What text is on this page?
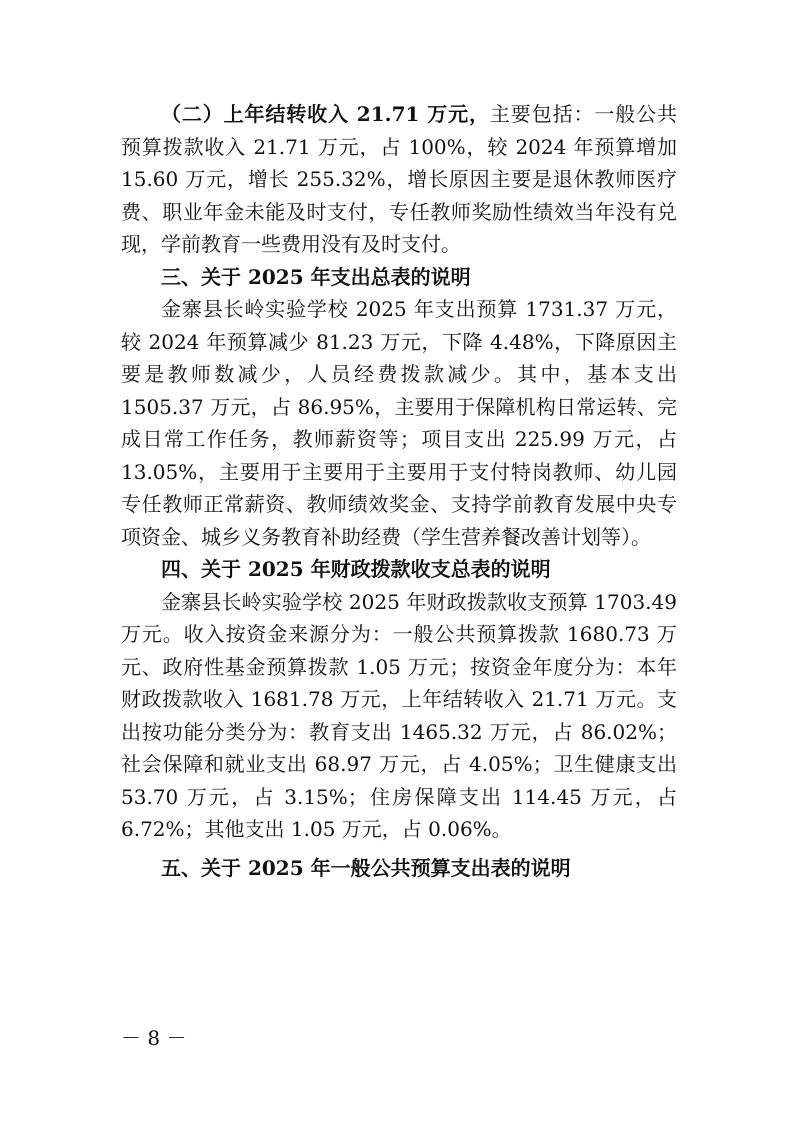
（二）上年结转收入 21.71 万元，主要包括：一般公共预算拨款收入 21.71 万元，占 100%，较 2024 年预算增加 15.60 万元，增长 255.32%，增长原因主要是退休教师医疗费、职业年金未能及时支付，专任教师奖励性绩效当年没有兑现，学前教育一些费用没有及时支付。

三、关于 2025 年支出总表的说明

金寨县长岭实验学校 2025 年支出预算 1731.37 万元，较 2024 年预算减少 81.23 万元，下降 4.48%，下降原因主要是教师数减少，人员经费拨款减少。其中，基本支出 1505.37 万元，占 86.95%，主要用于保障机构日常运转、完成日常工作任务，教师薪资等；项目支出 225.99 万元，占 13.05%，主要用于主要用于主要用于支付特岗教师、幼儿园专任教师正常薪资、教师绩效奖金、支持学前教育发展中央专项资金、城乡义务教育补助经费（学生营养餐改善计划等）。

四、关于 2025 年财政拨款收支总表的说明

金寨县长岭实验学校 2025 年财政拨款收支预算 1703.49 万元。收入按资金来源分为：一般公共预算拨款 1680.73 万元、政府性基金预算拨款 1.05 万元；按资金年度分为：本年财政拨款收入 1681.78 万元，上年结转收入 21.71 万元。支出按功能分类分为：教育支出 1465.32 万元，占 86.02%；社会保障和就业支出 68.97 万元，占 4.05%；卫生健康支出 53.70 万元，占 3.15%；住房保障支出 114.45 万元，占 6.72%；其他支出 1.05 万元，占 0.06%。

五、关于 2025 年一般公共预算支出表的说明

－ 8 －
